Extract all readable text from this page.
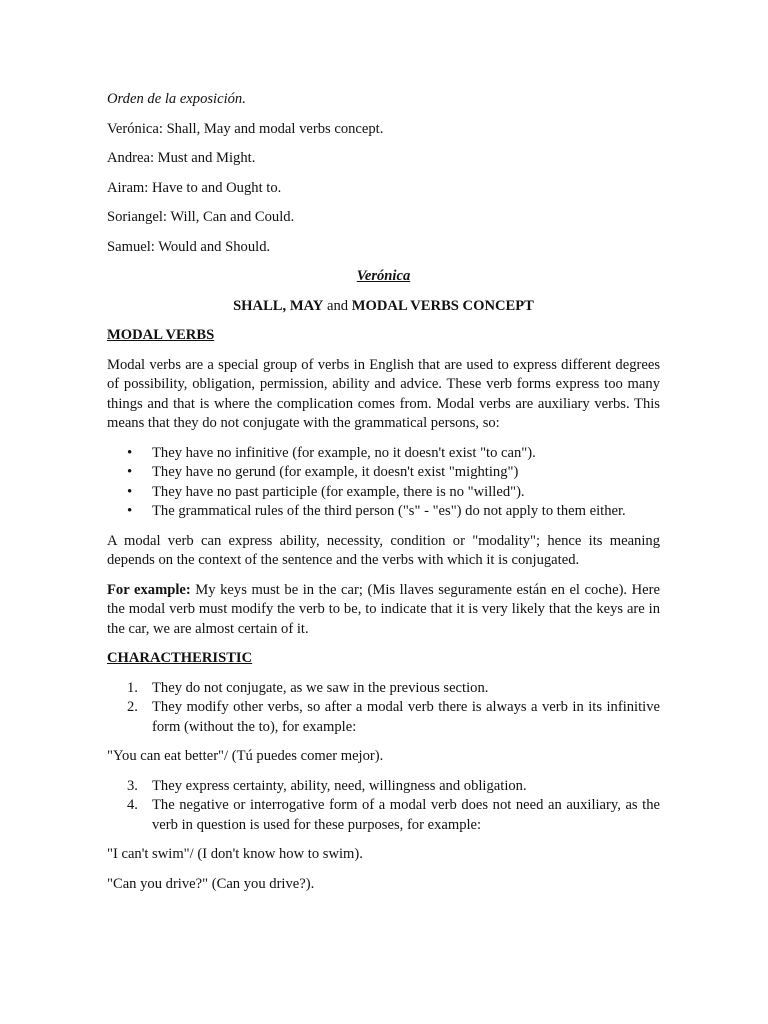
Orden de la exposición.

Verónica: Shall, May and modal verbs concept.

Andrea: Must and Might.

Airam: Have to and Ought to.

Soriangel: Will, Can and Could.

Samuel: Would and Should.

Verónica

SHALL, MAY and MODAL VERBS CONCEPT

MODAL VERBS

Modal verbs are a special group of verbs in English that are used to express different degrees of possibility, obligation, permission, ability and advice. These verb forms express too many things and that is where the complication comes from. Modal verbs are auxiliary verbs. This means that they do not conjugate with the grammatical persons, so:

• They have no infinitive (for example, no it doesn't exist "to can").
• They have no gerund (for example, it doesn't exist "mighting")
• They have no past participle (for example, there is no "willed").
• The grammatical rules of the third person ("s" - "es") do not apply to them either.

A modal verb can express ability, necessity, condition or "modality"; hence its meaning depends on the context of the sentence and the verbs with which it is conjugated.

For example: My keys must be in the car; (Mis llaves seguramente están en el coche). Here the modal verb must modify the verb to be, to indicate that it is very likely that the keys are in the car, we are almost certain of it.

CHARACTHERISTIC

1. They do not conjugate, as we saw in the previous section.
2. They modify other verbs, so after a modal verb there is always a verb in its infinitive form (without the to), for example:

"You can eat better"/ (Tú puedes comer mejor).

3. They express certainty, ability, need, willingness and obligation.
4. The negative or interrogative form of a modal verb does not need an auxiliary, as the verb in question is used for these purposes, for example:

"I can't swim"/ (I don't know how to swim).

"Can you drive?" (Can you drive?).
